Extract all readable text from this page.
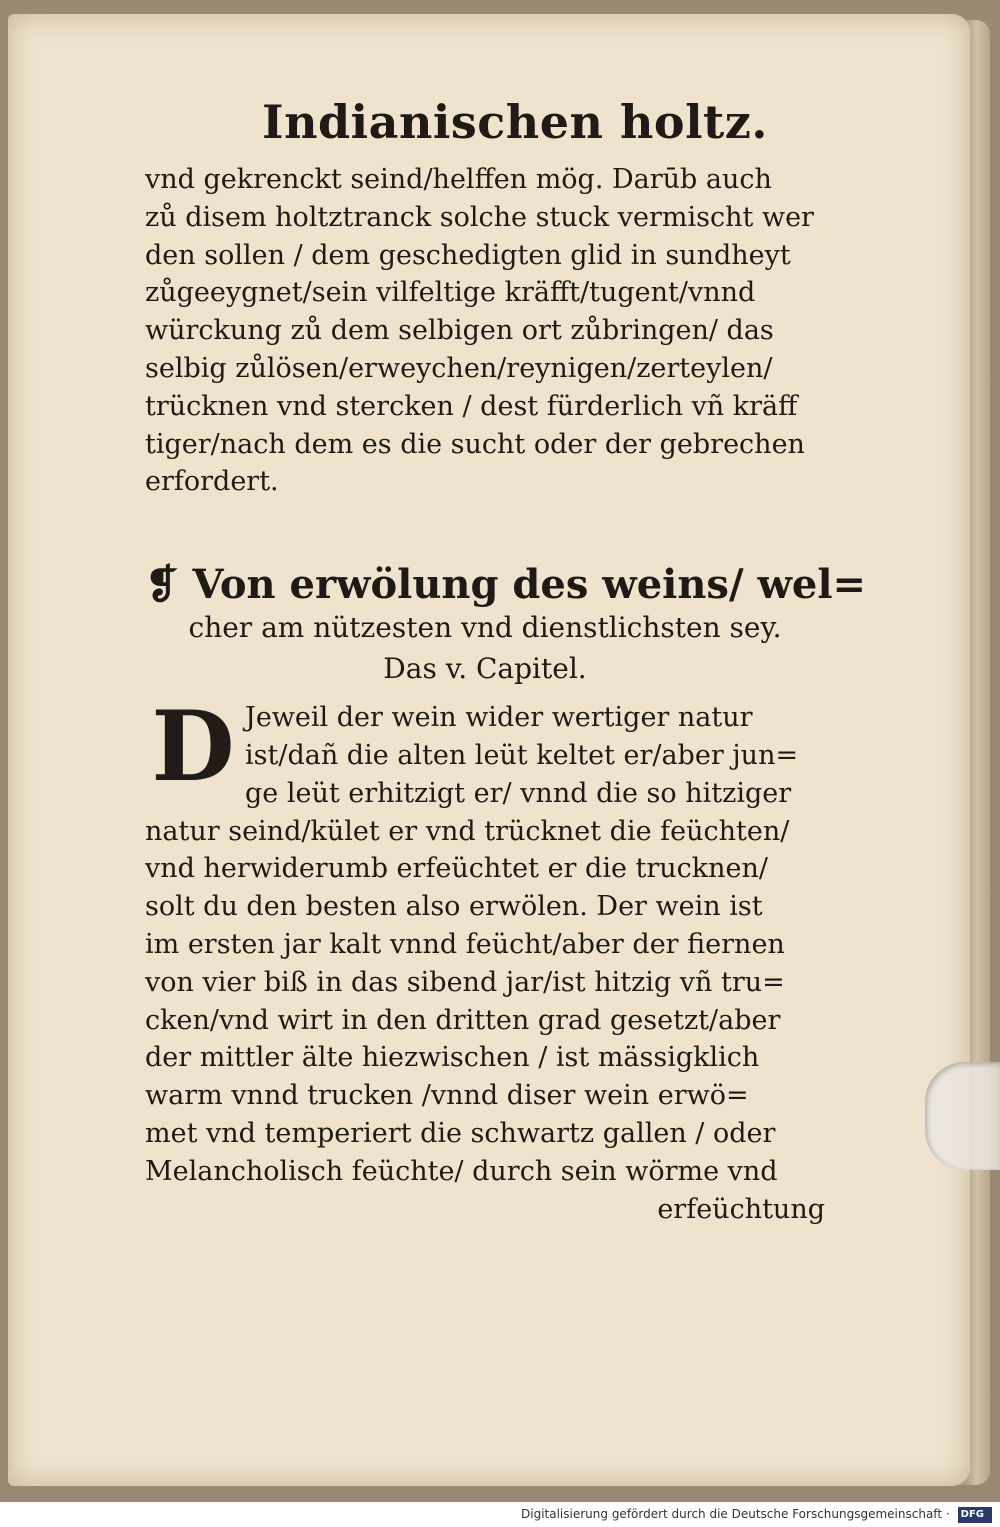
Indianischen holtz.
vnd gekrenckt seind/helffen mög. Darūb auch
zů disem holtztranck solche stuck vermischt wer
den sollen / dem geschedigten glid in sundheyt
zůgeeygnet/sein vilfeltige kräfft/tugent/vnnd
würckung zů dem selbigen ort zůbringen/ das
selbig zůlösen/erweychen/reynigen/zerteylen/
trücknen vnd stercken / dest fürderlich vñ kräff
tiger/nach dem es die sucht oder der gebrechen
erfordert.
❡ Von erwölung des weins/ wel=
cher am nützesten vnd dienstlichsten sey.
Das v. Capitel.
D Jeweil der wein wider wertiger natur
ist/dañ die alten leüt keltet er/aber jun=
ge leüt erhitzigt er/ vnnd die so hitziger
natur seind/kület er vnd trücknet die feüchten/
vnd herwiderumb erfeüchtet er die trucknen/
solt du den besten also erwölen. Der wein ist
im ersten jar kalt vnnd feücht/aber der fiernen
von vier biß in das sibend jar/ist hitzig vñ tru=
cken/vnd wirt in den dritten grad gesetzt/aber
der mittler älte hiezwischen / ist mässigklich
warm vnnd trucken /vnnd diser wein erwö=
met vnd temperiert die schwartz gallen / oder
Melancholisch feüchte/ durch sein wörme vnd
erfeüchtung
Digitalisierung gefördert durch die Deutsche Forschungsgemeinschaft · DFG
